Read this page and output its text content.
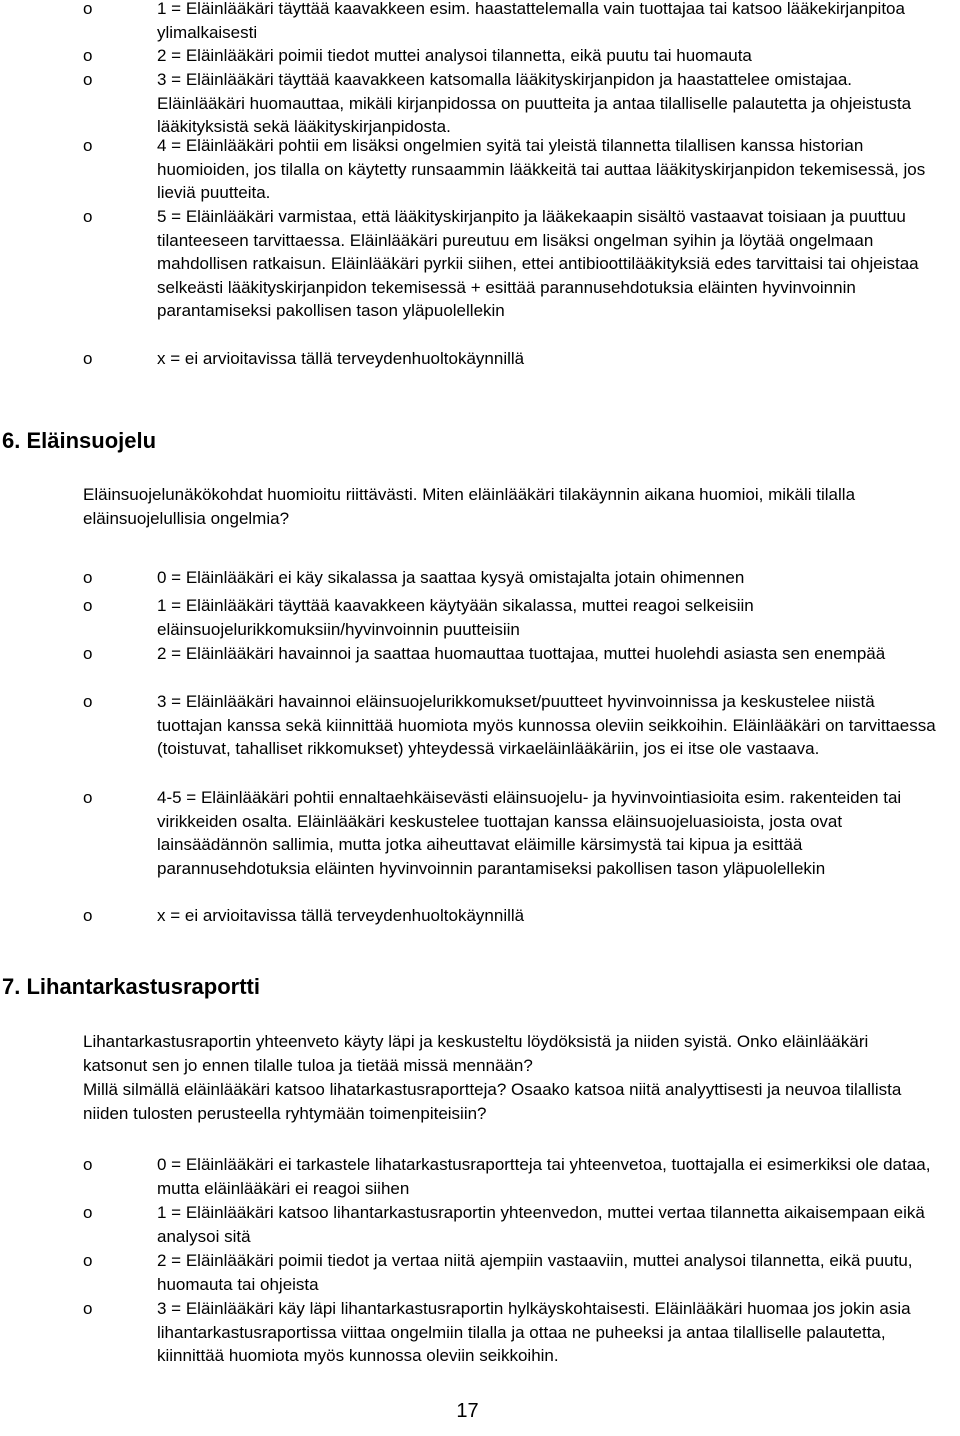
o	1 = Eläinlääkäri täyttää kaavakkeen esim. haastattelemalla vain tuottajaa tai katsoo lääkekirjanpitoa ylimalkaisesti
o	2 = Eläinlääkäri poimii tiedot muttei analysoi tilannetta, eikä puutu tai huomauta
o	3 = Eläinlääkäri täyttää kaavakkeen katsomalla lääkityskirjanpidon ja haastattelee omistajaa. Eläinlääkäri huomauttaa, mikäli kirjanpidossa on puutteita ja antaa tilalliselle palautetta ja ohjeistusta lääkityksistä sekä lääkityskirjanpidosta.
o	4 = Eläinlääkäri pohtii em lisäksi ongelmien syitä tai yleistä tilannetta tilallisen kanssa historian huomioiden, jos tilalla on käytetty runsaammin lääkkeitä tai auttaa lääkityskirjanpidon tekemisessä, jos lieviä puutteita.
o	5 = Eläinlääkäri varmistaa, että lääkityskirjanpito ja lääkekaapin sisältö vastaavat toisiaan ja puuttuu tilanteeseen tarvittaessa. Eläinlääkäri pureutuu em lisäksi ongelman syihin ja löytää ongelmaan mahdollisen ratkaisun. Eläinlääkäri pyrkii siihen, ettei antibioottilääkityksiä edes tarvittaisi tai ohjeistaa selkeästi lääkityskirjanpidon tekemisessä + esittää parannusehdotuksia eläinten hyvinvoinnin parantamiseksi pakollisen tason yläpuolellekin
o	x = ei arvioitavissa tällä terveydenhuoltokäynnillä
6. Eläinsuojelu

Eläinsuojelunäkökohdat huomioitu riittävästi. Miten eläinlääkäri tilakäynnin aikana huomioi, mikäli tilalla eläinsuojelullisia ongelmia?

o	0 = Eläinlääkäri ei käy sikalassa ja saattaa kysyä omistajalta jotain ohimennen
o	1 = Eläinlääkäri täyttää kaavakkeen käytyään sikalassa, muttei reagoi selkeisiin eläinsuojelurikkomuksiin/hyvinvoinnin puutteisiin
o	2 = Eläinlääkäri havainnoi ja saattaa huomauttaa tuottajaa, muttei huolehdi asiasta sen enempää
o	3 = Eläinlääkäri havainnoi eläinsuojelurikkomukset/puutteet hyvinvoinnissa ja keskustelee niistä tuottajan kanssa sekä kiinnittää huomiota myös kunnossa oleviin seikkoihin. Eläinlääkäri on tarvittaessa (toistuvat, tahalliset rikkomukset) yhteydessä virkaeläinlääkäriin, jos ei itse ole vastaava.
o	4-5 = Eläinlääkäri pohtii ennaltaehkäisevästi eläinsuojelu- ja hyvinvointiasioita esim. rakenteiden tai virikkeiden osalta. Eläinlääkäri keskustelee tuottajan kanssa eläinsuojeluasioista, josta ovat lainsäädännön sallimia, mutta jotka aiheuttavat eläimille kärsimystä tai kipua ja esittää parannusehdotuksia eläinten hyvinvoinnin parantamiseksi pakollisen tason yläpuolellekin
o	x = ei arvioitavissa tällä terveydenhuoltokäynnillä
7. Lihantarkastusraportti

Lihantarkastusraportin yhteenveto käyty läpi ja keskusteltu löydöksistä ja niiden syistä. Onko eläinlääkäri katsonut sen jo ennen tilalle tuloa ja tietää missä mennään?

Millä silmällä eläinlääkäri katsoo lihatarkastusraportteja? Osaako katsoa niitä analyyttisesti ja neuvoa tilallista niiden tulosten perusteella ryhtymään toimenpiteisiin?

o	0 = Eläinlääkäri ei tarkastele lihatarkastusraportteja tai yhteenvetoa, tuottajalla ei esimerkiksi ole dataa, mutta eläinlääkäri ei reagoi siihen
o	1 = Eläinlääkäri katsoo lihantarkastusraportin yhteenvedon, muttei vertaa tilannetta aikaisempaan eikä analysoi sitä
o	2 = Eläinlääkäri poimii tiedot ja vertaa niitä ajempiin vastaaviin, muttei analysoi tilannetta, eikä puutu, huomauta tai ohjeista
o	3 = Eläinlääkäri käy läpi lihantarkastusraportin hylkäyskohtaisesti. Eläinlääkäri huomaa jos jokin asia lihantarkastusraportissa viittaa ongelmiin tilalla ja ottaa ne puheeksi ja antaa tilalliselle palautetta, kiinnittää huomiota myös kunnossa oleviin seikkoihin.
17
